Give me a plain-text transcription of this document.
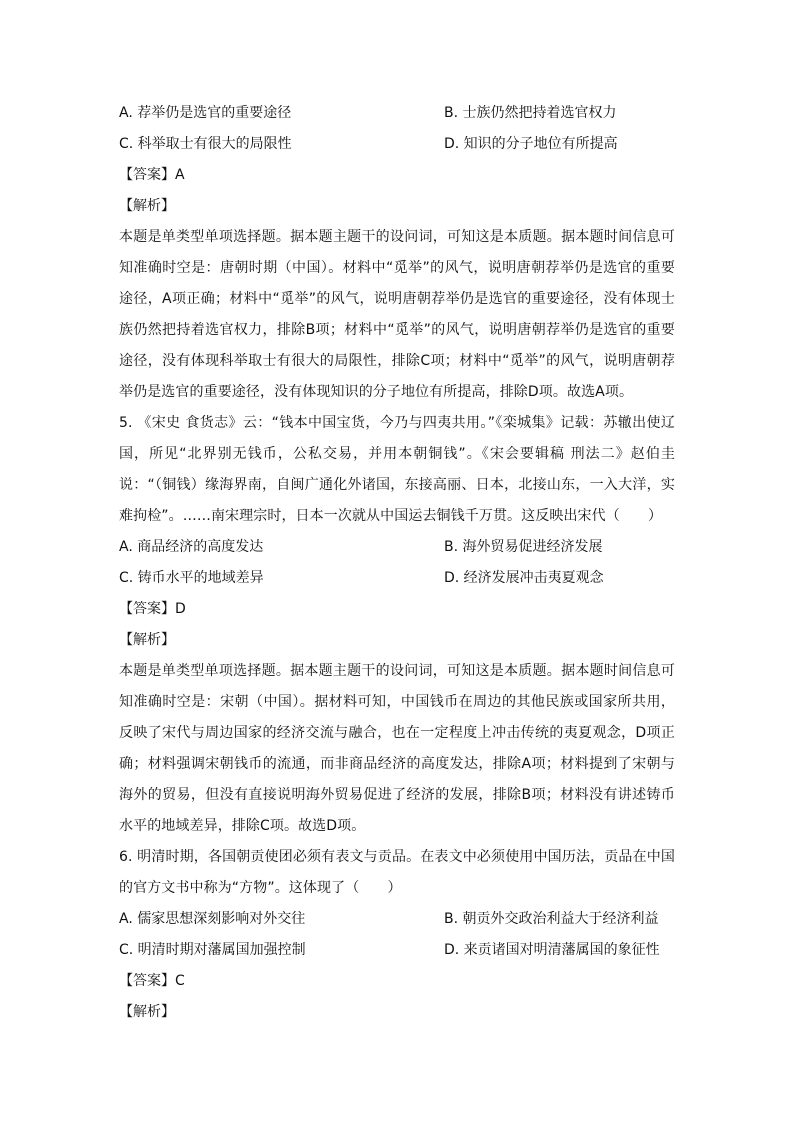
A. 荐举仍是选官的重要途径	B. 士族仍然把持着选官权力
C. 科举取士有很大的局限性	D. 知识的分子地位有所提高
【答案】A
【解析】
本题是单类型单项选择题。据本题主题干的设问词，可知这是本质题。据本题时间信息可知准确时空是：唐朝时期（中国）。材料中“觅举”的风气，说明唐朝荐举仍是选官的重要途径，A项正确；材料中“觅举”的风气，说明唐朝荐举仍是选官的重要途径，没有体现士族仍然把持着选官权力，排除B项；材料中“觅举”的风气，说明唐朝荐举仍是选官的重要途径，没有体现科举取士有很大的局限性，排除C项；材料中“觅举”的风气，说明唐朝荐举仍是选官的重要途径，没有体现知识的分子地位有所提高，排除D项。故选A项。
5. 《宋史 食货志》云：“钱本中国宝货，今乃与四夷共用。”《栾城集》记载：苏辙出使辽国，所见“北界别无钱币，公私交易，并用本朝铜钱”。《宋会要辑稿 刑法二》赵伯圭说：“（铜钱）缘海界南，自闽广通化外诸国，东接高丽、日本，北接山东，一入大洋，实难拘检”。……南宋理宗时，日本一次就从中国运去铜钱千万贯。这反映出宋代（　　）
A. 商品经济的高度发达	B. 海外贸易促进经济发展
C. 铸币水平的地域差异	D. 经济发展冲击夷夏观念
【答案】D
【解析】
本题是单类型单项选择题。据本题主题干的设问词，可知这是本质题。据本题时间信息可知准确时空是：宋朝（中国）。据材料可知，中国钱币在周边的其他民族或国家所共用，反映了宋代与周边国家的经济交流与融合，也在一定程度上冲击传统的夷夏观念，D项正确；材料强调宋朝钱币的流通，而非商品经济的高度发达，排除A项；材料提到了宋朝与海外的贸易，但没有直接说明海外贸易促进了经济的发展，排除B项；材料没有讲述铸币水平的地域差异，排除C项。故选D项。
6. 明清时期，各国朝贡使团必须有表文与贡品。在表文中必须使用中国历法，贡品在中国的官方文书中称为“方物”。这体现了（　　）
A. 儒家思想深刻影响对外交往	B. 朝贡外交政治利益大于经济利益
C. 明清时期对藩属国加强控制	D. 来贡诸国对明清藩属国的象征性
【答案】C
【解析】
